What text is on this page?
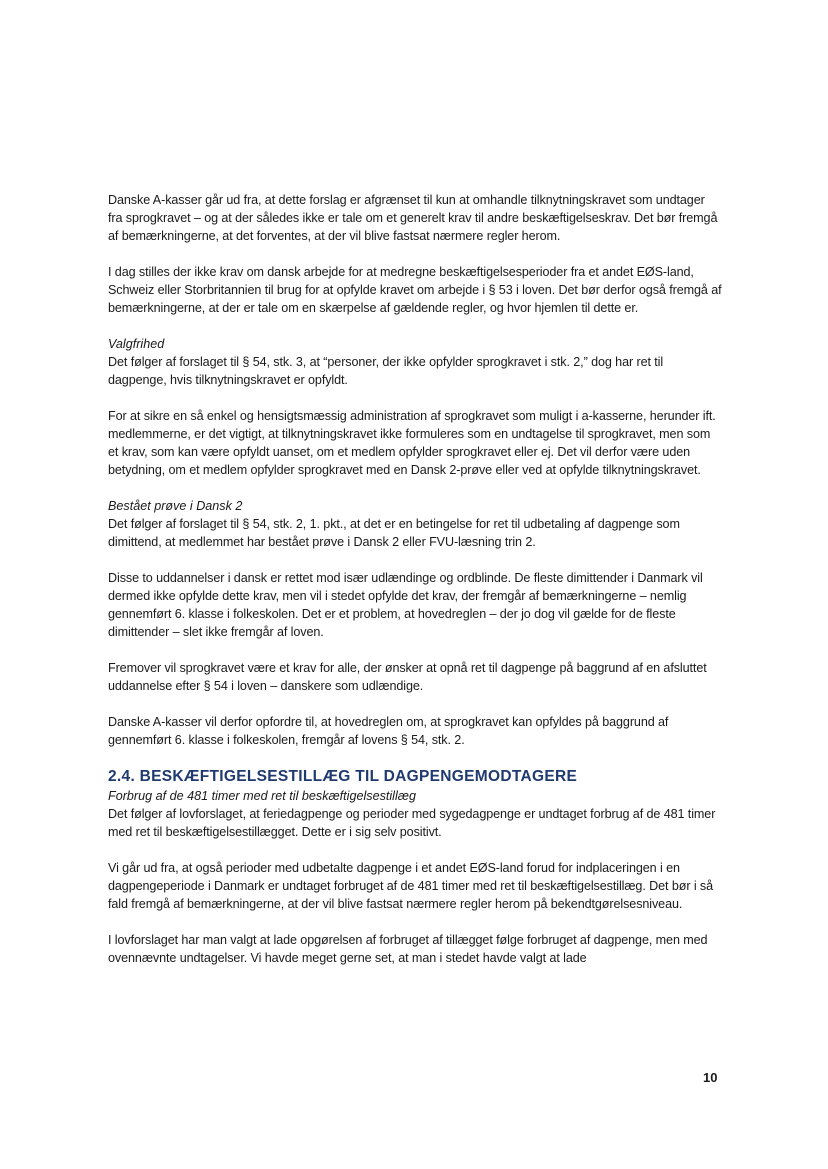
Danske A-kasser går ud fra, at dette forslag er afgrænset til kun at omhandle tilknytningskravet som undtager fra sprogkravet – og at der således ikke er tale om et generelt krav til andre beskæftigelseskrav. Det bør fremgå af bemærkningerne, at det forventes, at der vil blive fastsat nærmere regler herom.

I dag stilles der ikke krav om dansk arbejde for at medregne beskæftigelsesperioder fra et andet EØS-land, Schweiz eller Storbritannien til brug for at opfylde kravet om arbejde i § 53 i loven. Det bør derfor også fremgå af bemærkningerne, at der er tale om en skærpelse af gældende regler, og hvor hjemlen til dette er.

Valgfrihed

Det følger af forslaget til § 54, stk. 3, at “personer, der ikke opfylder sprogkravet i stk. 2,” dog har ret til dagpenge, hvis tilknytningskravet er opfyldt.

For at sikre en så enkel og hensigtsmæssig administration af sprogkravet som muligt i a-kasserne, herunder ift. medlemmerne, er det vigtigt, at tilknytningskravet ikke formuleres som en undtagelse til sprogkravet, men som et krav, som kan være opfyldt uanset, om et medlem opfylder sprogkravet eller ej. Det vil derfor være uden betydning, om et medlem opfylder sprogkravet med en Dansk 2-prøve eller ved at opfylde tilknytningskravet.

Bestået prøve i Dansk 2

Det følger af forslaget til § 54, stk. 2, 1. pkt., at det er en betingelse for ret til udbetaling af dagpenge som dimittend, at medlemmet har bestået prøve i Dansk 2 eller FVU-læsning trin 2.

Disse to uddannelser i dansk er rettet mod især udlændinge og ordblinde. De fleste dimittender i Danmark vil dermed ikke opfylde dette krav, men vil i stedet opfylde det krav, der fremgår af bemærkningerne – nemlig gennemført 6. klasse i folkeskolen. Det er et problem, at hovedreglen – der jo dog vil gælde for de fleste dimittender – slet ikke fremgår af loven.

Fremover vil sprogkravet være et krav for alle, der ønsker at opnå ret til dagpenge på baggrund af en afsluttet uddannelse efter § 54 i loven – danskere som udlændige.

Danske A-kasser vil derfor opfordre til, at hovedreglen om, at sprogkravet kan opfyldes på baggrund af gennemført 6. klasse i folkeskolen, fremgår af lovens § 54, stk. 2.

2.4. BESKÆFTIGELSESTILLÆG TIL DAGPENGEMODTAGERE

Forbrug af de 481 timer med ret til beskæftigelsestillæg

Det følger af lovforslaget, at feriedagpenge og perioder med sygedagpenge er undtaget forbrug af de 481 timer med ret til beskæftigelsestillægget. Dette er i sig selv positivt.

Vi går ud fra, at også perioder med udbetalte dagpenge i et andet EØS-land forud for indplaceringen i en dagpengeperiode i Danmark er undtaget forbruget af de 481 timer med ret til beskæftigelsestillæg. Det bør i så fald fremgå af bemærkningerne, at der vil blive fastsat nærmere regler herom på bekendtgørelsesniveau.

I lovforslaget har man valgt at lade opgørelsen af forbruget af tillægget følge forbruget af dagpenge, men med ovennævnte undtagelser. Vi havde meget gerne set, at man i stedet havde valgt at lade

10
